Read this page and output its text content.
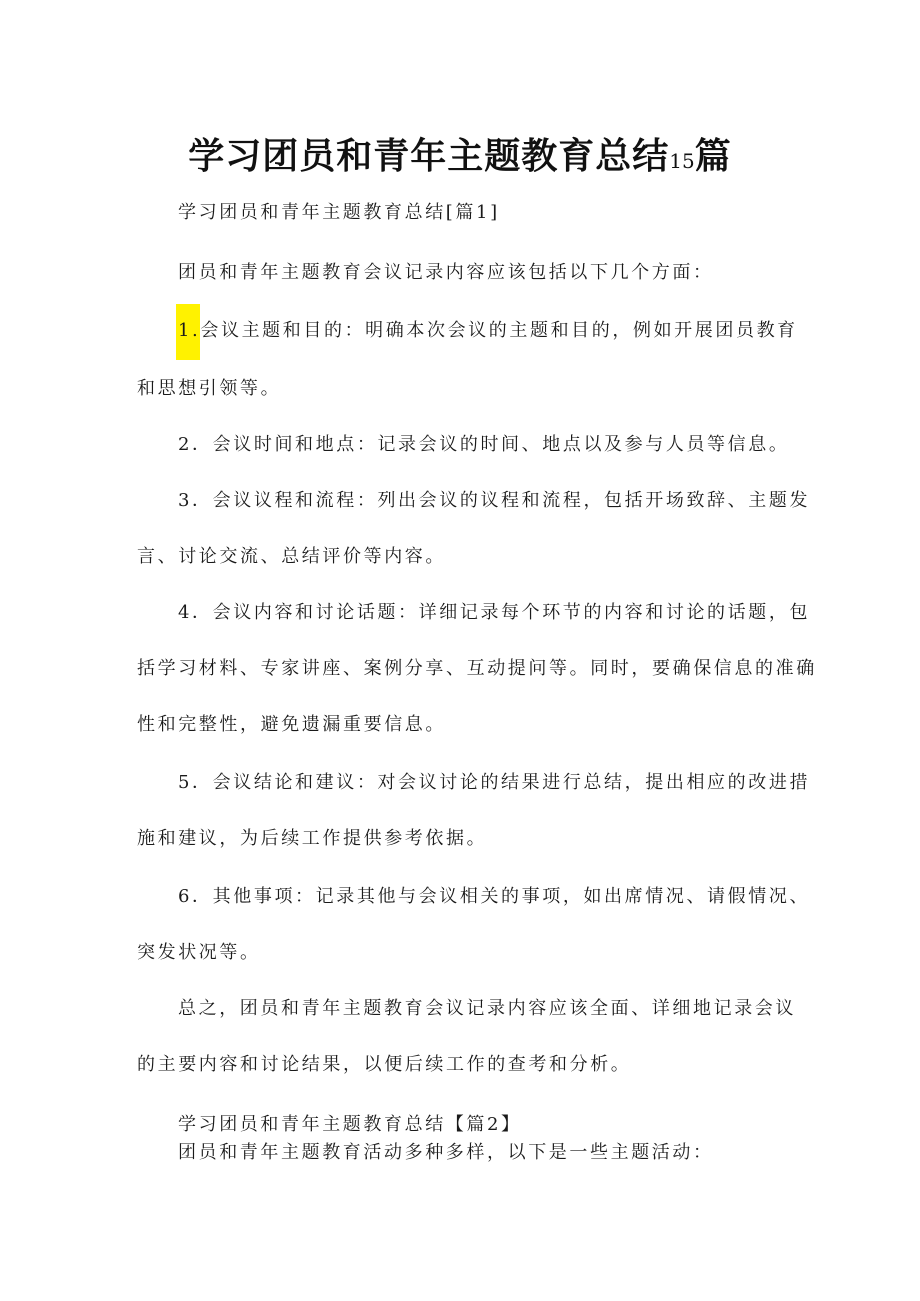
学习团员和青年主题教育总结15篇
学习团员和青年主题教育总结[篇1]
团员和青年主题教育会议记录内容应该包括以下几个方面：
1.会议主题和目的：明确本次会议的主题和目的，例如开展团员教育
和思想引领等。
2．会议时间和地点：记录会议的时间、地点以及参与人员等信息。
3．会议议程和流程：列出会议的议程和流程，包括开场致辞、主题发
言、讨论交流、总结评价等内容。
4．会议内容和讨论话题：详细记录每个环节的内容和讨论的话题，包
括学习材料、专家讲座、案例分享、互动提问等。同时，要确保信息的准确
性和完整性，避免遗漏重要信息。
5．会议结论和建议：对会议讨论的结果进行总结，提出相应的改进措
施和建议，为后续工作提供参考依据。
6．其他事项：记录其他与会议相关的事项，如出席情况、请假情况、
突发状况等。
总之，团员和青年主题教育会议记录内容应该全面、详细地记录会议
的主要内容和讨论结果，以便后续工作的查考和分析。
学习团员和青年主题教育总结【篇2】
团员和青年主题教育活动多种多样，以下是一些主题活动：
